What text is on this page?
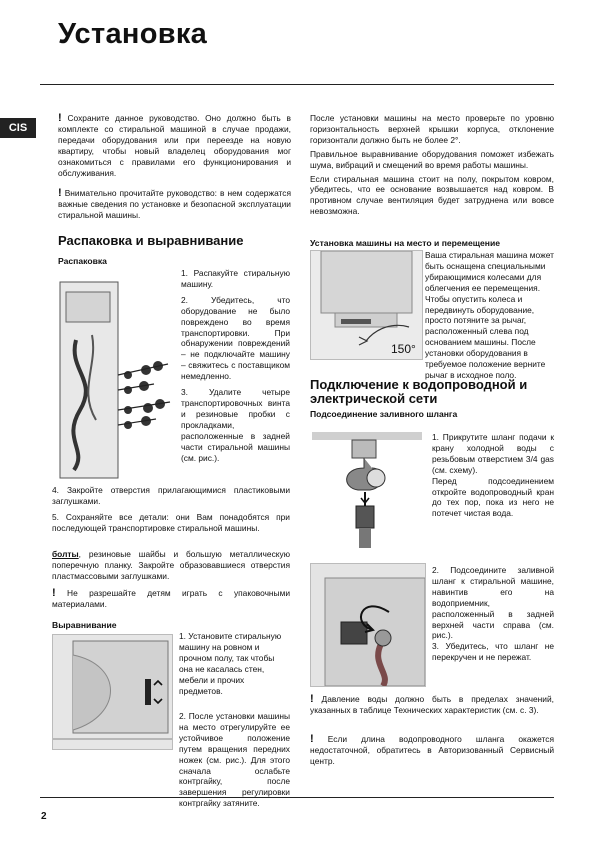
Установка
CIS
! Сохраните данное руководство. Оно должно быть в комплекте со стиральной машиной в случае продажи, передачи оборудования или при переезде на новую квартиру, чтобы новый владелец оборудования мог ознакомиться с правилами его функционирования и обслуживания.
! Внимательно прочитайте руководство: в нем содержатся важные сведения по установке и безопасной эксплуатации стиральной машины.
Распаковка и выравнивание
Распаковка

1. Распакуйте стиральную машину.

2. Убедитесь, что оборудование не было повреждено во время транспортировки. При обнаружении повреждений – не подключайте машину – свяжитесь с поставщиком немедленно.

3. Удалите четыре транспортировочных винта и резиновые пробки с прокладками, расположенные в задней части стиральной машины (см. рис.).

4. Закройте отверстия прилагающимися пластиковыми заглушками.
5. Сохраняйте все детали: они Вам понадобятся при последующей транспортировке стиральной машины.
болты, резиновые шайбы и большую металлическую поперечную планку. Закройте образовавшиеся отверстия пластмассовыми заглушками.
! Не разрешайте детям играть с упаковочными материалами.
Выравнивание

1. Установите стиральную машину на ровном и прочном полу, так чтобы она не касалась стен, мебели и прочих предметов.

2. После установки машины на место отрегулируйте ее устойчивое положение путем вращения передних ножек (см. рис.). Для этого сначала ослабьте контргайку, после завершения регулировки контргайку затяните.

После установки машины на место проверьте по уровню горизонтальность верхней крышки корпуса, отклонение горизонтали должно быть не более 2°.

Правильное выравнивание оборудования поможет избежать шума, вибраций и смещений во время работы машины.

Если стиральная машина стоит на полу, покрытом ковром, убедитесь, что ее основание возвышается над ковром. В противном случае вентиляция будет затруднена или вовсе невозможна.

Установка машины на место и перемещение
150°
Ваша стиральная машина может быть оснащена специальными убирающимися колесами для облегчения ее перемещения. Чтобы опустить колеса и передвинуть оборудование, просто потяните за рычаг, расположенный слева под основанием машины. После установки оборудования в требуемое положение верните рычаг в исходное поло.
Подключение к водопроводной и
электрической сети
Подсоединение заливного шланга
1. Прикрутите шланг подачи к крану холодной воды с резьбовым отверстием 3/4 gas (см. схему).
Перед подсоединением откройте водопроводный кран до тех пор, пока из него не потечет чистая вода.
2. Подсоедините заливной шланг к стиральной машине, навинтив его на водоприемник, расположенный в задней верхней части справа (см. рис.).
3. Убедитесь, что шланг не перекручен и не пережат.
! Давление воды должно быть в пределах значений, указанных в таблице Технических характеристик (см. с. 3).
! Если длина водопроводного шланга окажется недостаточной, обратитесь в Авторизованный Сервисный центр.
2
